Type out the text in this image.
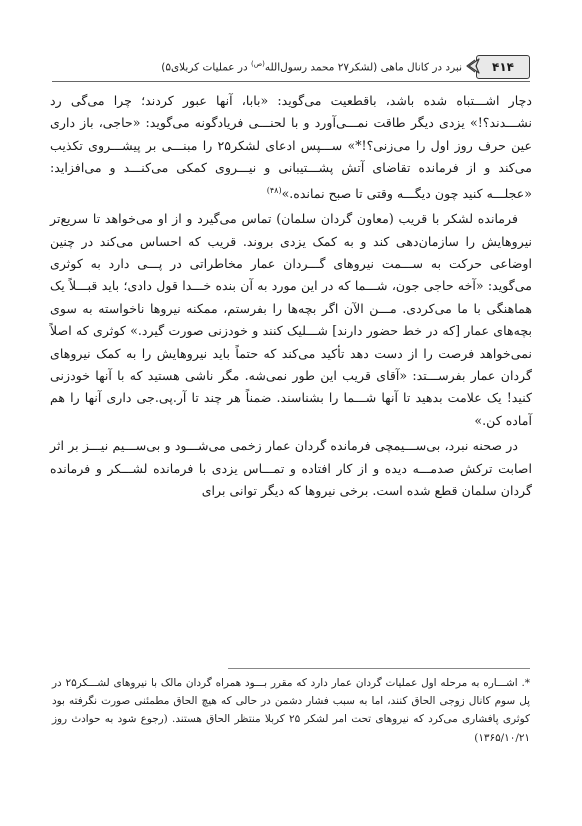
۴۱۴
نبرد در کانال ماهی (لشکر۲۷ محمد رسول‌الله$^{(ص)}$ در عملیات کربلای۵)

دچار اشـــتباه شده باشد، باقطعیت می‌گوید: «بابا، آنها عبور کردند؛ چرا می‌گی رد نشـــدند؟!» یزدی دیگر طاقت نمـــی‌آورد و با لحنـــی فریادگونه می‌گوید: «حاجی، باز داری عین حرف روز اول را می‌زنی؟!*» ســـپس ادعای لشکر۲۵ را مبنـــی بر پیشـــروی تکذیب می‌کند و از فرمانده تقاضای آتش پشـــتیبانی و نیـــروی کمکی می‌کنـــد و می‌افزاید: «عجلـــه کنید چون دیگـــه وقتی تا صبح نمانده.»$^{(۴۸)}$

فرمانده لشکر با قریب (معاون گردان سلمان) تماس می‌گیرد و از او می‌خواهد تا سریع‌تر نیروهایش را سازمان‌دهی کند و به کمک یزدی بروند. قریب که احساس می‌کند در چنین اوضاعی حرکت به ســـمت نیروهای گـــردان عمار مخاطراتی در پـــی دارد به کوثری می‌گوید: «آخه حاجی جون، شـــما که در این مورد به آن بنده خـــدا قول دادی؛ باید قبـــلاً یک هماهنگی با ما می‌کردی. مـــن الآن اگر بچه‌ها را بفرستم، ممکنه نیروها ناخواسته به سوی بچه‌های عمار [که در خط حضور دارند] شـــلیک کنند و خودزنی صورت گیرد.» کوثری که اصلاً نمی‌خواهد فرصت را از دست دهد تأکید می‌کند که حتماً باید نیروهایش را به کمک نیروهای گردان عمار بفرســـتد: «آقای قریب این طور نمی‌شه. مگر ناشی هستید که با آنها خودزنی کنید! یک علامت بدهید تا آنها شـــما را بشناسند. ضمناً هر چند تا آر.پی.جی داری آنها را هم آماده کن.»

در صحنه نبرد، بی‌ســـیمچی فرمانده گردان عمار زخمی می‌شـــود و بی‌ســـیم نیـــز بر اثر اصابت ترکش صدمـــه دیده و از کار افتاده و تمـــاس یزدی با فرمانده لشـــکر و فرمانده گردان سلمان قطع شده است. برخی نیروها که دیگر توانی برای

*. اشـــاره به مرحله اول عملیات گردان عمار دارد که مقرر بـــود همراه گردان مالک با نیروهای لشـــکر۲۵ در پل سوم کانال زوجی الحاق کنند، اما به سبب فشار دشمن در حالی که هیچ الحاق مطمئنی صورت نگرفته بود کوثری پافشاری می‌کرد که نیروهای تحت امر لشکر ۲۵ کربلا منتظر الحاق هستند. (رجوع شود به حوادث روز ۱۳۶۵/۱۰/۲۱)
